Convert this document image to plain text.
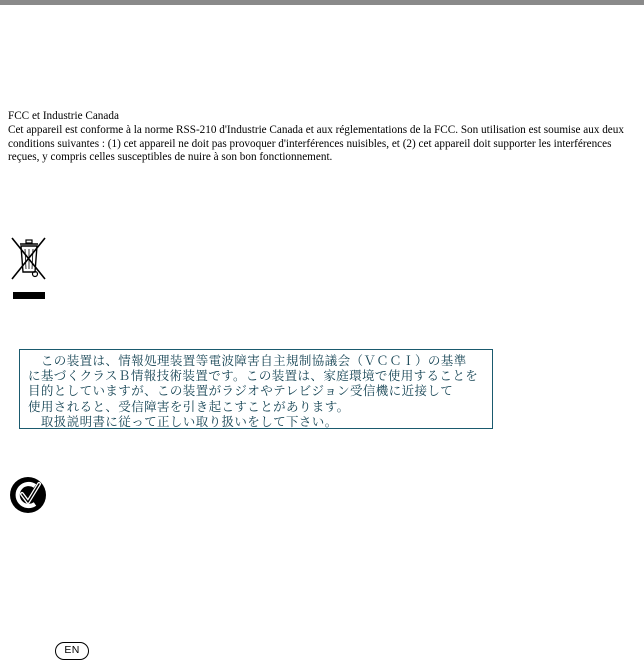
FCC et Industrie Canada

Cet appareil est conforme à la norme RSS-210 d'Industrie Canada et aux réglementations de la FCC. Son utilisation est soumise aux deux conditions suivantes : (1) cet appareil ne doit pas provoquer d'interférences nuisibles, et (2) cet appareil doit supporter les interférences reçues, y compris celles susceptibles de nuire à son bon fonctionnement.

　この装置は、情報処理装置等電波障害自主規制協議会（ＶＣＣＩ）の基準
に基づくクラスＢ情報技術装置です。この装置は、家庭環境で使用することを
目的としていますが、この装置がラジオやテレビジョン受信機に近接して
使用されると、受信障害を引き起こすことがあります。
　取扱説明書に従って正しい取り扱いをして下さい。
EN
